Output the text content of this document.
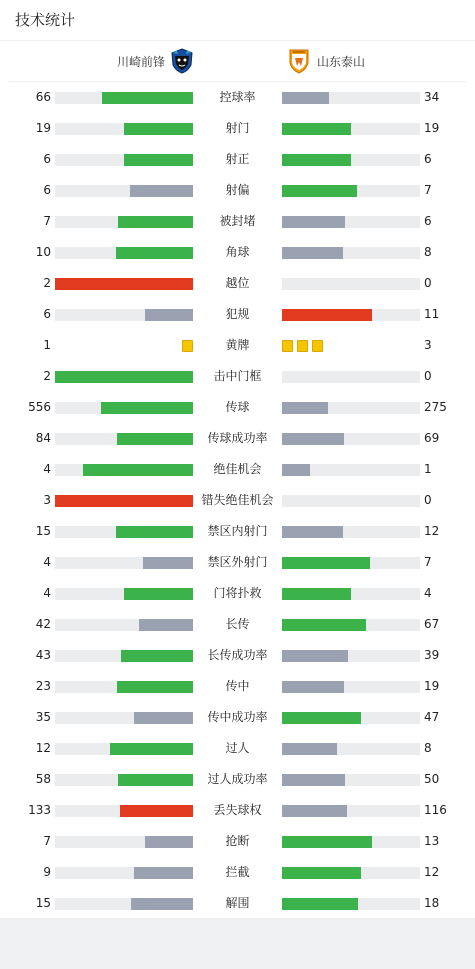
技术统计
川崎前锋	山东泰山
66	控球率	34
19	射门	19
6	射正	6
6	射偏	7
7	被封堵	6
10	角球	8
2	越位	0
6	犯规	11
1	黄牌	3
2	击中门框	0
556	传球	275
84	传球成功率	69
4	绝佳机会	1
3	错失绝佳机会	0
15	禁区内射门	12
4	禁区外射门	7
4	门将扑救	4
42	长传	67
43	长传成功率	39
23	传中	19
35	传中成功率	47
12	过人	8
58	过人成功率	50
133	丢失球权	116
7	抢断	13
9	拦截	12
15	解围	18
